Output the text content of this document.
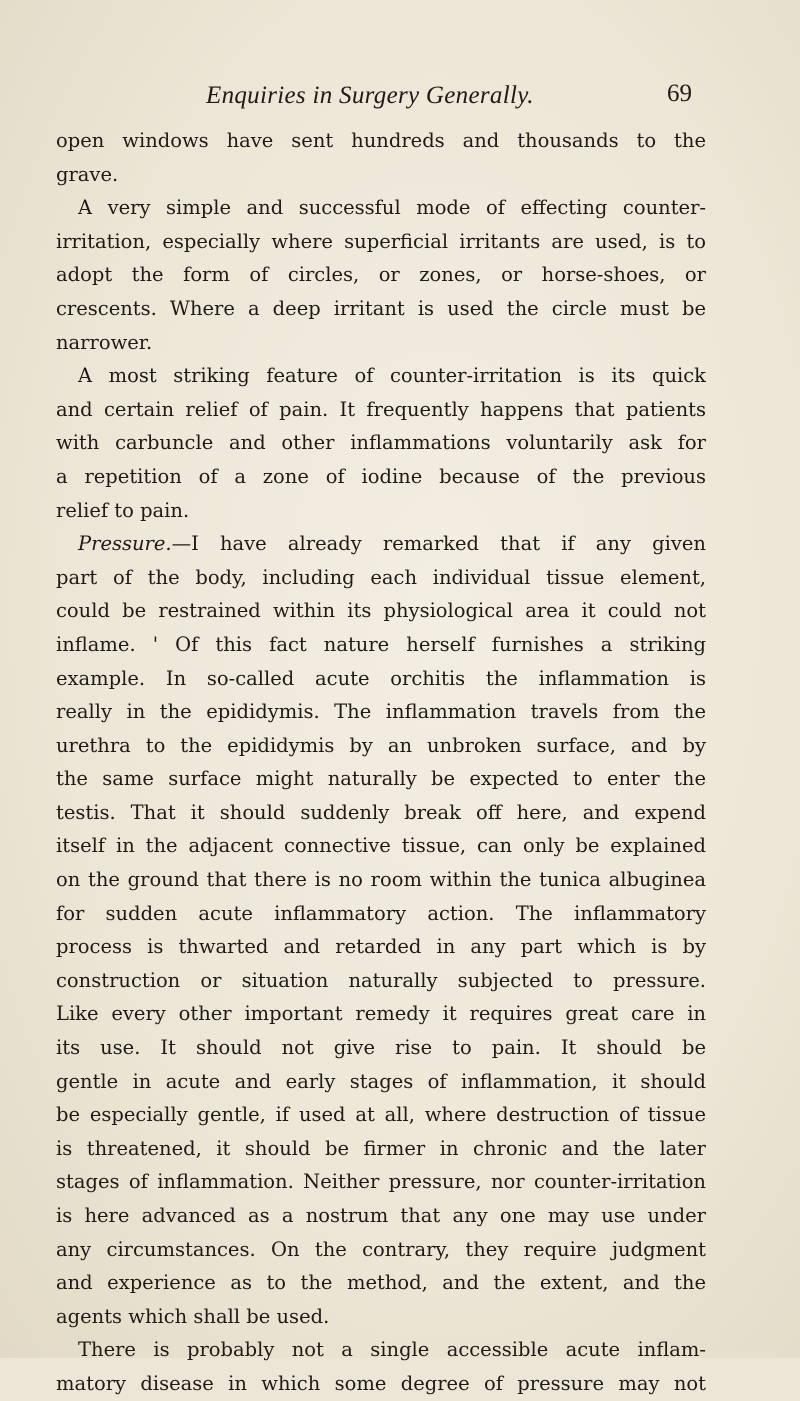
Enquiries in Surgery Generally.	69
open windows have sent hundreds and thousands to the
grave.
A very simple and successful mode of effecting counter-
irritation, especially where superficial irritants are used, is to
adopt the form of circles, or zones, or horse-shoes, or
crescents. Where a deep irritant is used the circle must be
narrower.
A most striking feature of counter-irritation is its quick
and certain relief of pain. It frequently happens that patients
with carbuncle and other inflammations voluntarily ask for
a repetition of a zone of iodine because of the previous
relief to pain.
Pressure.—I have already remarked that if any given
part of the body, including each individual tissue element,
could be restrained within its physiological area it could not
inflame. ' Of this fact nature herself furnishes a striking
example. In so-called acute orchitis the inflammation is
really in the epididymis. The inflammation travels from the
urethra to the epididymis by an unbroken surface, and by
the same surface might naturally be expected to enter the
testis. That it should suddenly break off here, and expend
itself in the adjacent connective tissue, can only be explained
on the ground that there is no room within the tunica albuginea
for sudden acute inflammatory action. The inflammatory
process is thwarted and retarded in any part which is by
construction or situation naturally subjected to pressure.
Like every other important remedy it requires great care in
its use. It should not give rise to pain. It should be
gentle in acute and early stages of inflammation, it should
be especially gentle, if used at all, where destruction of tissue
is threatened, it should be firmer in chronic and the later
stages of inflammation. Neither pressure, nor counter-irritation
is here advanced as a nostrum that any one may use under
any circumstances. On the contrary, they require judgment
and experience as to the method, and the extent, and the
agents which shall be used.
There is probably not a single accessible acute inflam-
matory disease in which some degree of pressure may not
